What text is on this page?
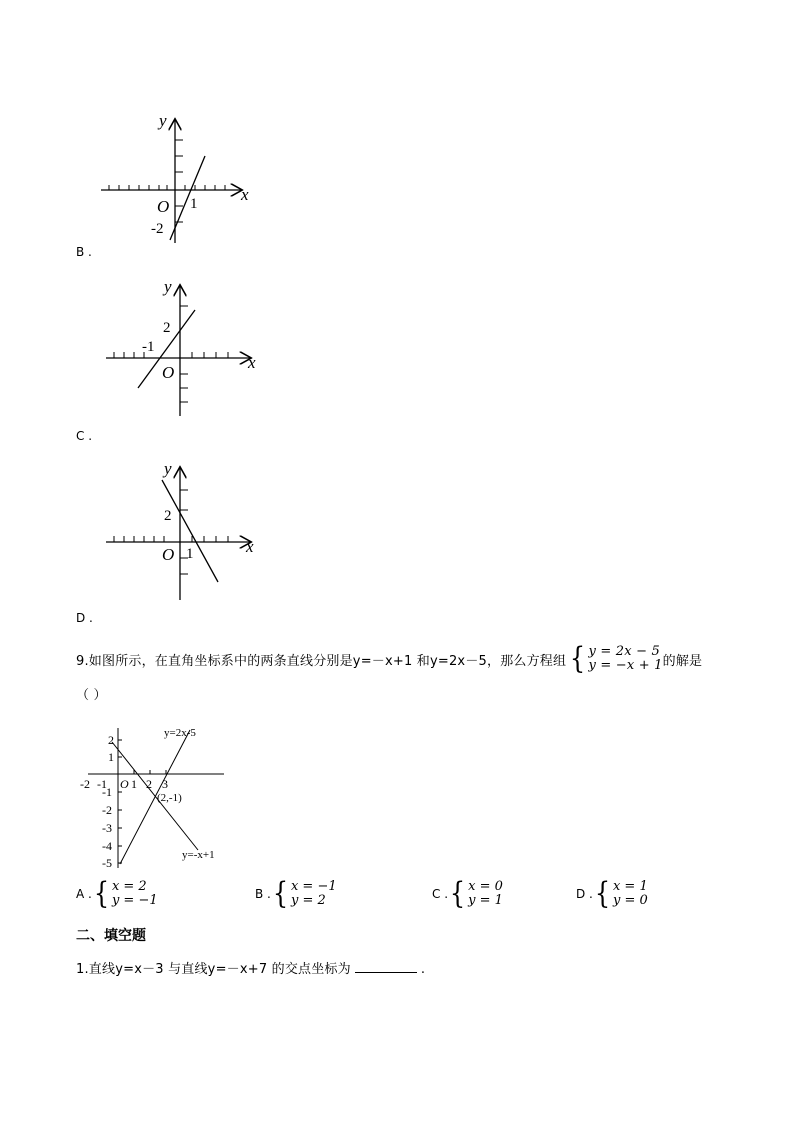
y
x
O 1
-2
B .
y
x
O
-1
2
C .
y
x
O 1
2
D .
9.如图所示，在直角坐标系中的两条直线分别是y=－x+1 和y=2x－5，那么方程组 { y = 2x − 5
y = −x + 1 的解是
（ ）
y=2x-5
y=-x+1
(2,-1)
O
-2 -1 1 2 3
2
1
-1
-2
-3
-4
-5
A . { x = 2
y = −1	B . { x = −1
y = 2	C . { x = 0
y = 1	D . { x = 1
y = 0
二、填空题
1.直线y=x－3 与直线y=－x+7 的交点坐标为	.
